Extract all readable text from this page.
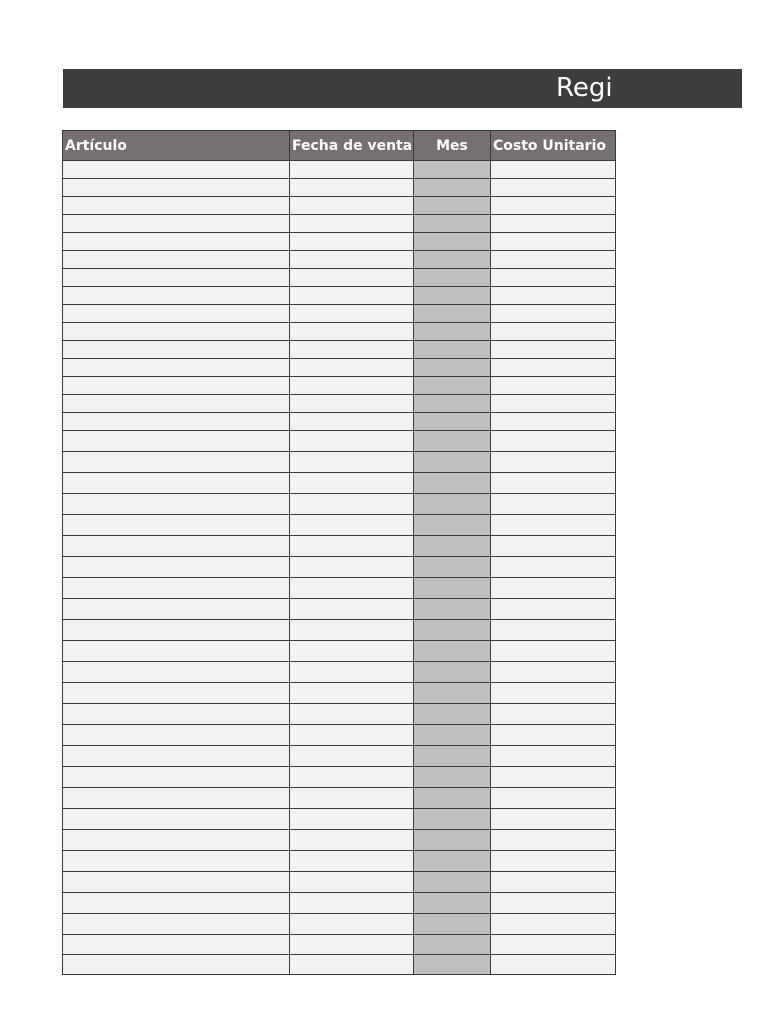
Regi
Artículo	Fecha de venta	Mes	Costo Unitario
